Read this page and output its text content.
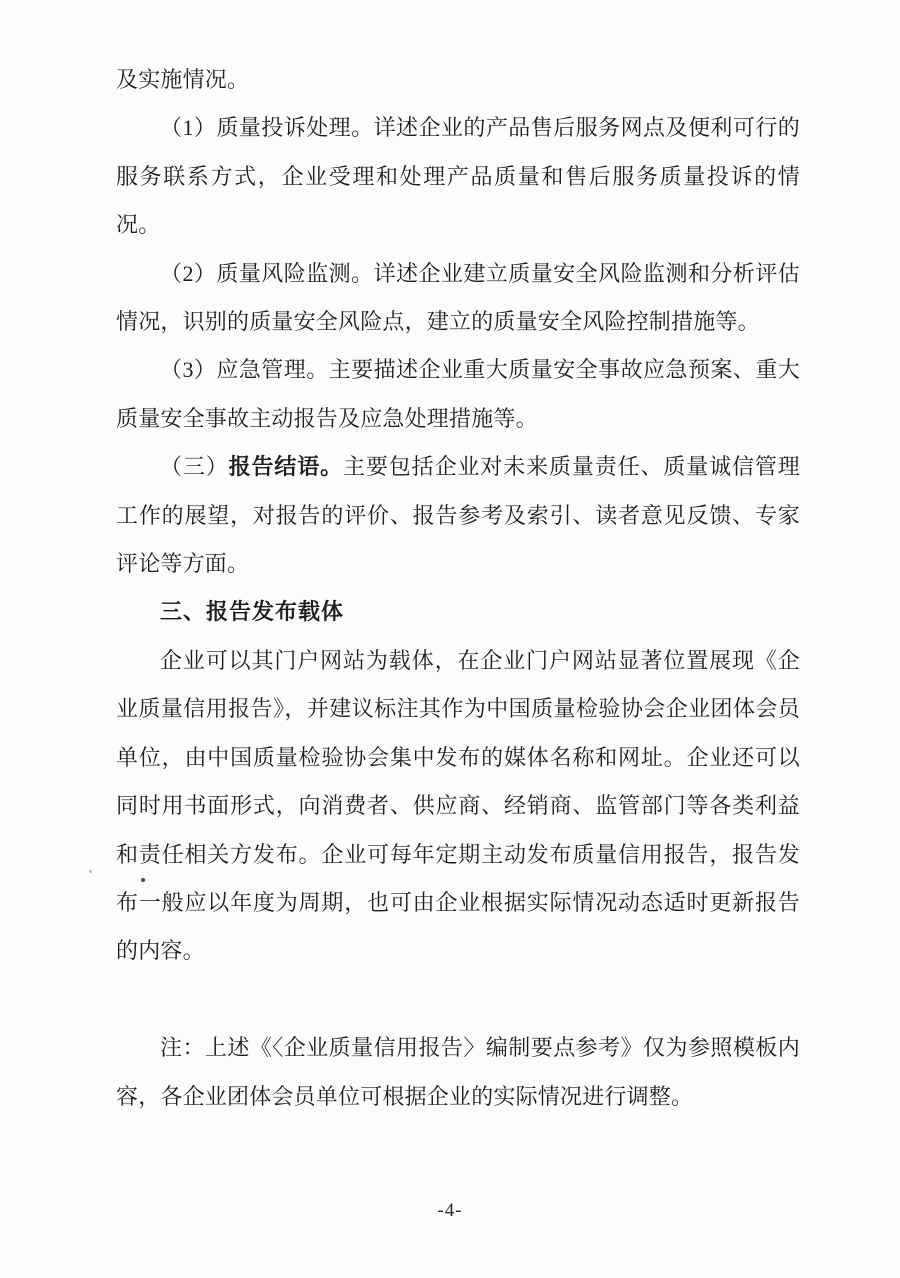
及实施情况。

（1）质量投诉处理。详述企业的产品售后服务网点及便利可行的服务联系方式，企业受理和处理产品质量和售后服务质量投诉的情况。

（2）质量风险监测。详述企业建立质量安全风险监测和分析评估情况，识别的质量安全风险点，建立的质量安全风险控制措施等。

（3）应急管理。主要描述企业重大质量安全事故应急预案、重大质量安全事故主动报告及应急处理措施等。

（三）报告结语。主要包括企业对未来质量责任、质量诚信管理工作的展望，对报告的评价、报告参考及索引、读者意见反馈、专家评论等方面。

三、报告发布载体

企业可以其门户网站为载体，在企业门户网站显著位置展现《企业质量信用报告》，并建议标注其作为中国质量检验协会企业团体会员单位，由中国质量检验协会集中发布的媒体名称和网址。企业还可以同时用书面形式，向消费者、供应商、经销商、监管部门等各类利益和责任相关方发布。企业可每年定期主动发布质量信用报告，报告发布一般应以年度为周期，也可由企业根据实际情况动态适时更新报告的内容。

注：上述《〈企业质量信用报告〉编制要点参考》仅为参照模板内容，各企业团体会员单位可根据企业的实际情况进行调整。

-4-
